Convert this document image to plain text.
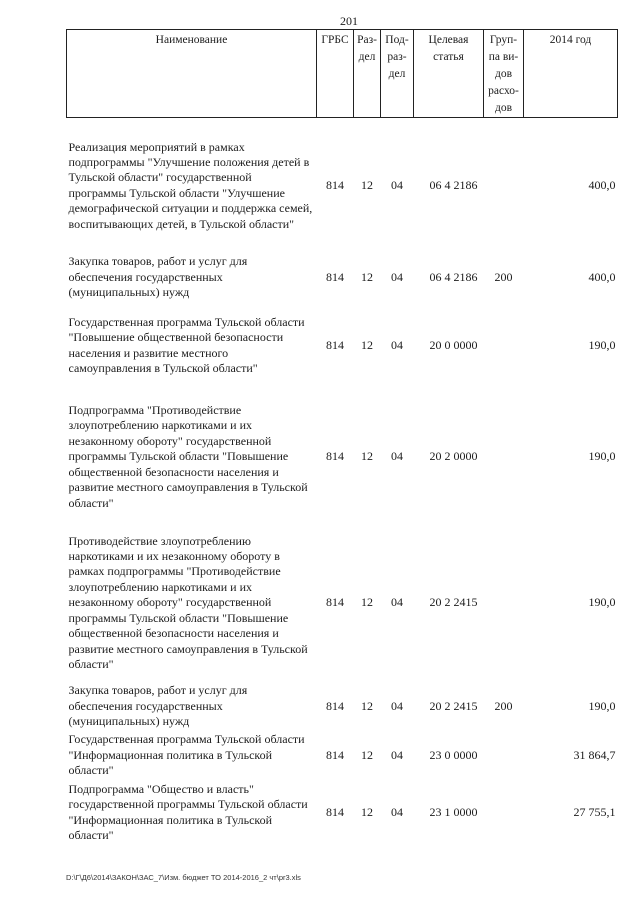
201
Наименование	ГРБС	Раз- дел	Под- раз- дел	Целевая статья	Груп- па ви- дов расхо- дов	2014 год
Реализация мероприятий в рамках подпрограммы "Улучшение положения детей в Тульской области" государственной программы Тульской области "Улучшение демографической ситуации и поддержка семей, воспитывающих детей, в Тульской области"	814	12	04	06 4 2186		400,0
Закупка товаров, работ и услуг для обеспечения государственных (муниципальных) нужд	814	12	04	06 4 2186	200	400,0
Государственная программа Тульской области "Повышение общественной безопасности населения и развитие местного самоуправления в Тульской области"	814	12	04	20 0 0000		190,0
Подпрограмма "Противодействие злоупотреблению наркотиками и их незаконному обороту" государственной программы Тульской области "Повышение общественной безопасности населения и развитие местного самоуправления в Тульской области"	814	12	04	20 2 0000		190,0
Противодействие злоупотреблению наркотиками и их незаконному обороту в рамках подпрограммы "Противодействие злоупотреблению наркотиками и их незаконному обороту" государственной программы Тульской области "Повышение общественной безопасности населения и развитие местного самоуправления в Тульской области"	814	12	04	20 2 2415		190,0
Закупка товаров, работ и услуг для обеспечения государственных (муниципальных) нужд	814	12	04	20 2 2415	200	190,0
Государственная программа Тульской области "Информационная политика в Тульской области"	814	12	04	23 0 0000		31 864,7
Подпрограмма "Общество и власть" государственной программы Тульской области "Информационная политика в Тульской области"	814	12	04	23 1 0000		27 755,1
D:\Г\Д6\2014\ЗАКОН\ЗАС_7\Изм. бюджет ТО 2014-2016_2 чт\pr3.xls
